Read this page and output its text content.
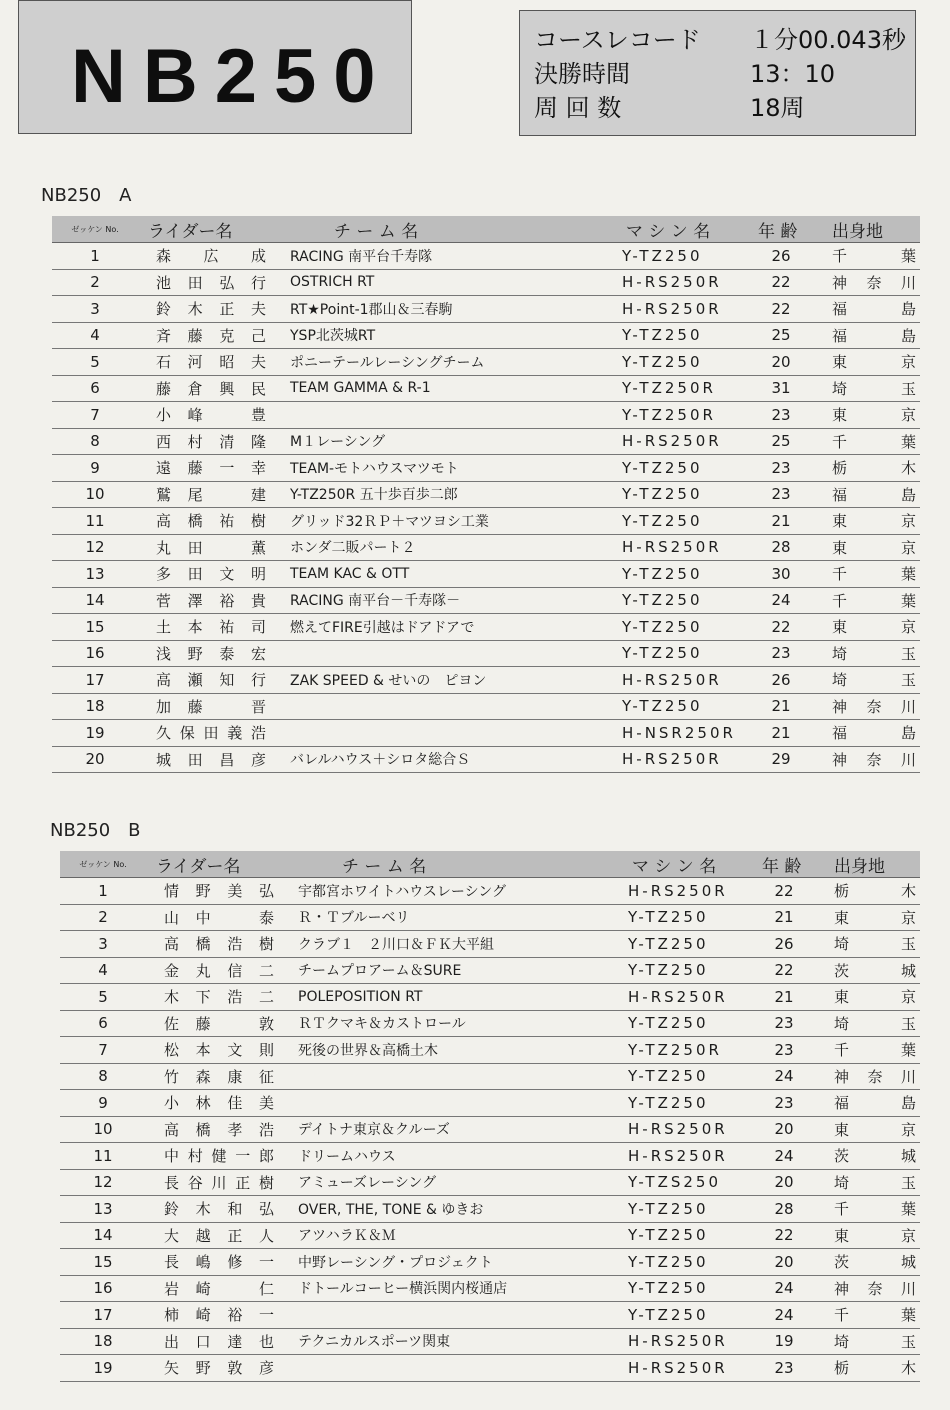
NB250	コースレコード １分00.043秒
決勝時間	13：10
周 回 数	18周
NB250　A
ゼッケン No.	ライダー名	チ ー ム 名	マ シ ン 名	年 齢	出身地
1	森　広　成	RACING 南平台千寿隊	Y-TZ250	26	千　葉
2	池田弘行	OSTRICH RT	H-RS250R	22	神奈川
3	鈴木正夫	RT★Point-1郡山＆三春駒	H-RS250R	22	福　島
4	斉藤克己	YSP北茨城RT	Y-TZ250	25	福　島
5	石河昭夫	ポニーテールレーシングチーム	Y-TZ250	20	東　京
6	藤倉興民	TEAM GAMMA & R-1	Y-TZ250R	31	埼　玉
7	小峰　豊		Y-TZ250R	23	東　京
8	西村清隆	M１レーシング	H-RS250R	25	千　葉
9	遠藤一幸	TEAM-モトハウスマツモト	Y-TZ250	23	栃　木
10	鷲尾　建	Y-TZ250R 五十歩百歩二郎	Y-TZ250	23	福　島
11	高橋祐樹	グリッド32ＲＰ＋マツヨシ工業	Y-TZ250	21	東　京
12	丸田　薫	ホンダ二販パート２	H-RS250R	28	東　京
13	多田文明	TEAM KAC & OTT	Y-TZ250	30	千　葉
14	菅澤裕貴	RACING 南平台－千寿隊－	Y-TZ250	24	千　葉
15	土本祐司	燃えてFIRE引越はドアドアで	Y-TZ250	22	東　京
16	浅野泰宏		Y-TZ250	23	埼　玉
17	高瀬知行	ZAK SPEED & せいの　ピヨン	H-RS250R	26	埼　玉
18	加藤　晋		Y-TZ250	21	神奈川
19	久保田義浩		H-NSR250R	21	福　島
20	城田昌彦	バレルハウス＋シロタ総合Ｓ	H-RS250R	29	神奈川
NB250　B
ゼッケン No.	ライダー名	チ ー ム 名	マ シ ン 名	年 齢	出身地
1	情野美弘	宇都宮ホワイトハウスレーシング	H-RS250R	22	栃　木
2	山中　泰	Ｒ・Ｔブルーベリ	Y-TZ250	21	東　京
3	高橋浩樹	クラブ１　２川口＆ＦＫ大平組	Y-TZ250	26	埼　玉
4	金丸信二	チームプロアーム＆SURE	Y-TZ250	22	茨　城
5	木下浩二	POLEPOSITION RT	H-RS250R	21	東　京
6	佐藤　敦	ＲＴクマキ＆カストロール	Y-TZ250	23	埼　玉
7	松本文則	死後の世界＆高橋土木	Y-TZ250R	23	千　葉
8	竹森康征		Y-TZ250	24	神奈川
9	小林佳美		Y-TZ250	23	福　島
10	高橋孝浩	デイトナ東京＆クルーズ	H-RS250R	20	東　京
11	中村健一郎	ドリームハウス	H-RS250R	24	茨　城
12	長谷川正樹	アミューズレーシング	Y-TZS250	20	埼　玉
13	鈴木和弘	OVER, THE, TONE & ゆきお	Y-TZ250	28	千　葉
14	大越正人	アツハラＫ＆Ｍ	Y-TZ250	22	東　京
15	長嶋修一	中野レーシング・プロジェクト	Y-TZ250	20	茨　城
16	岩崎　仁	ドトールコーヒー横浜関内桜通店	Y-TZ250	24	神奈川
17	柿崎裕一		Y-TZ250	24	千　葉
18	出口達也	テクニカルスポーツ関東	H-RS250R	19	埼　玉
19	矢野敦彦		H-RS250R	23	栃　木
